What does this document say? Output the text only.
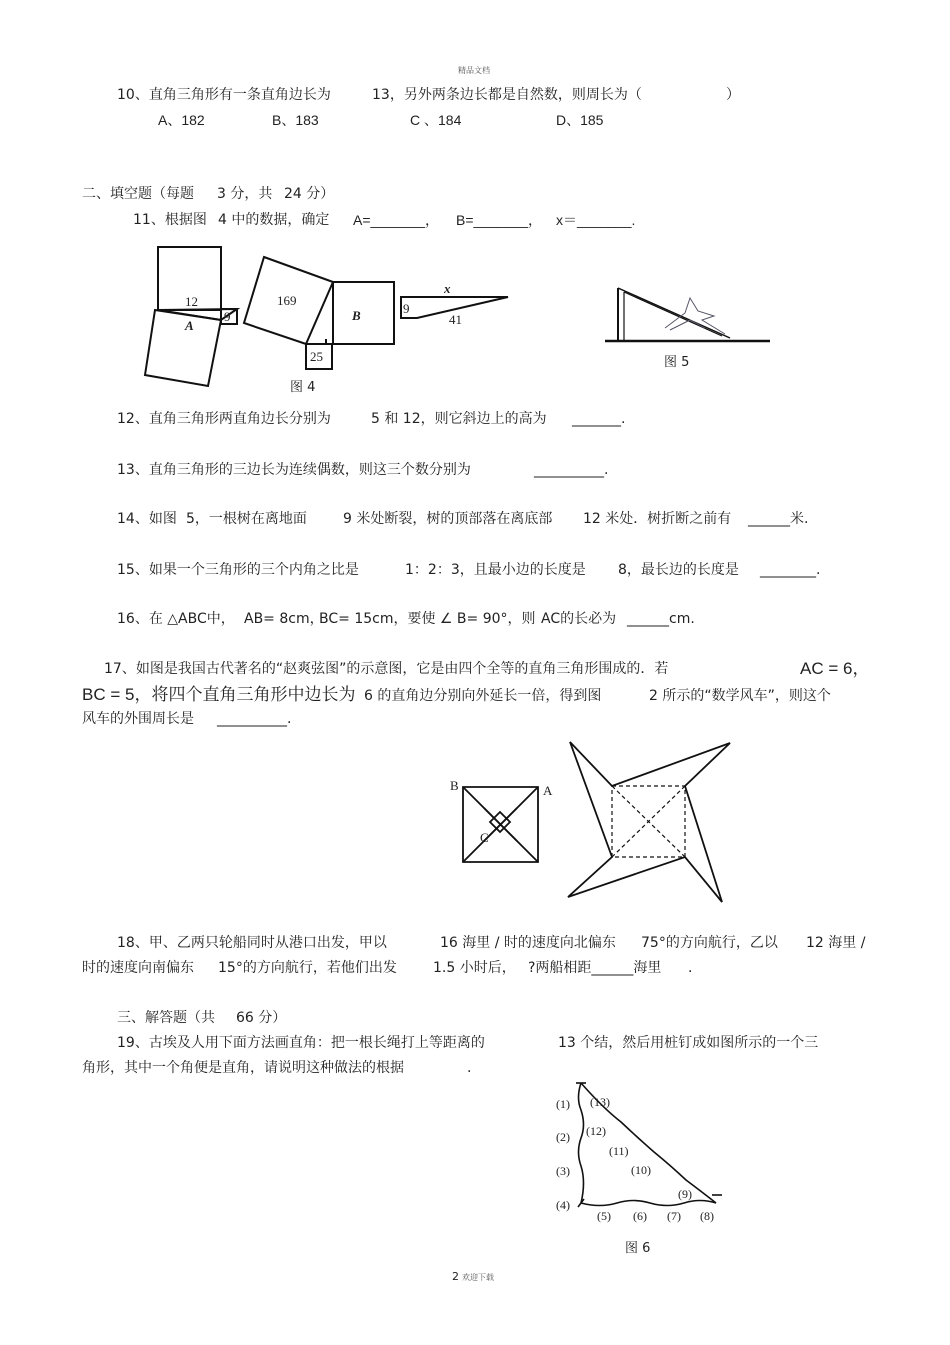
精品文档
10、直角三角形有一条直角边长为	13，另外两条边长都是自然数，则周长为（	）
A、182	B、183	C 、184	D、185
二、填空题（每题 3 分，共 24 分）
11、根据图 4 中的数据，确定 A=_______， B=_______， x＝_______.
12
A
9
169
B
25
x
9
41
图 4
图 5
12、直角三角形两直角边长分别为	5 和 12，则它斜边上的高为 _______.
13、直角三角形的三边长为连续偶数，则这三个数分别为	__________.
14、如图 5，一根树在离地面	9 米处断裂，树的顶部落在离底部 12 米处．树折断之前有 ______米.
15、如果一个三角形的三个内角之比是	1：2：3，且最小边的长度是 8，最长边的长度是 ________.
16、在 △ABC中， AB= 8cm，
BC= 15cm，要使 ∠ B= 90°，则 AC的长必为 ______cm.
17、如图是我国古代著名的“赵爽弦图”的示意图，它是由四个全等的直角三角形围成的．若	AC = 6，
BC = 5，将四个直角三角形中边长为 6 的直角边分别向外延长一倍，得到图	2 所示的“数学风车”，则这个
风车的外围周长是 __________.
B	A
C
18、甲、乙两只轮船同时从港口出发，甲以	16 海里 / 时的速度向北偏东 75°的方向航行，乙以 12 海里 /
时的速度向南偏东 15°的方向航行，若他们出发	1.5 小时后， ?两船相距______海里 .
三、解答题（共 66 分）
19、古埃及人用下面方法画直角：把一根长绳打上等距离的	13 个结，然后用桩钉成如图所示的一个三
角形，其中一个角便是直角，请说明这种做法的根据	.
(1)
(2)
(3)
(4)
(5) (6) (7) (8)
(9)
(10)
(11)
(12)
(13)
图 6
2 欢迎下载
